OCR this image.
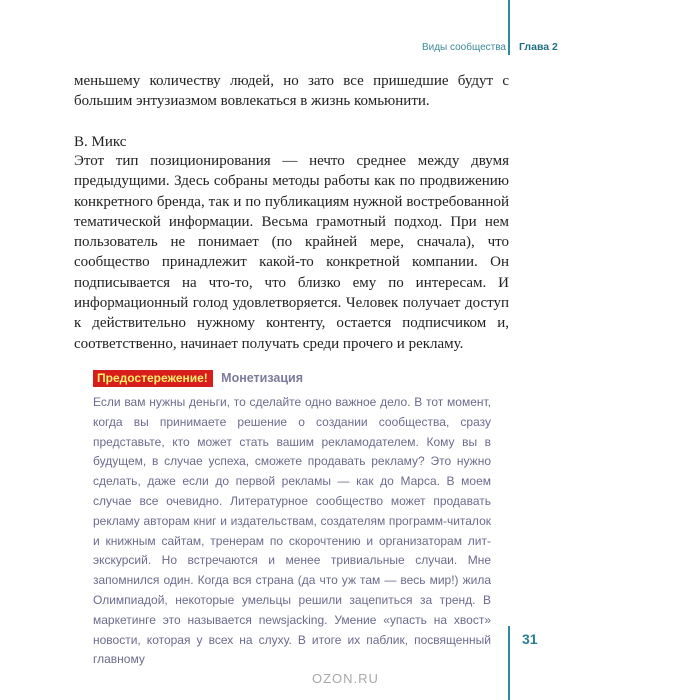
Виды сообщества Глава 2

меньшему количеству людей, но зато все пришедшие будут с большим энтузиазмом вовлекаться в жизнь комьюнити.

B. Микс

Этот тип позиционирования — нечто среднее между двумя предыдущими. Здесь собраны методы работы как по продвижению конкретного бренда, так и по публикациям нужной востребованной тематической информации. Весьма грамотный подход. При нем пользователь не понимает (по крайней мере, сначала), что сообщество принадлежит какой-то конкретной компании. Он подписывается на что-то, что близко ему по интересам. И информационный голод удовлетворяется. Человек получает доступ к действительно нужному контенту, остается подписчиком и, соответственно, начинает получать среди прочего и рекламу.

Предостережение! Монетизация
Если вам нужны деньги, то сделайте одно важное дело. В тот момент, когда вы принимаете решение о создании сообщества, сразу представьте, кто может стать вашим рекламодателем. Кому вы в будущем, в случае успеха, сможете продавать рекламу? Это нужно сделать, даже если до первой рекламы — как до Марса. В моем случае все очевидно. Литературное сообщество может продавать рекламу авторам книг и издательствам, создателям программ-читалок и книжным сайтам, тренерам по скорочтению и организаторам лит-экскурсий. Но встречаются и менее тривиальные случаи. Мне запомнился один. Когда вся страна (да что уж там — весь мир!) жила Олимпиадой, некоторые умельцы решили зацепиться за тренд. В маркетинге это называется newsjacking. Умение «упасть на хвост» новости, которая у всех на слуху. В итоге их паблик, посвященный главному
31
OZON.RU
